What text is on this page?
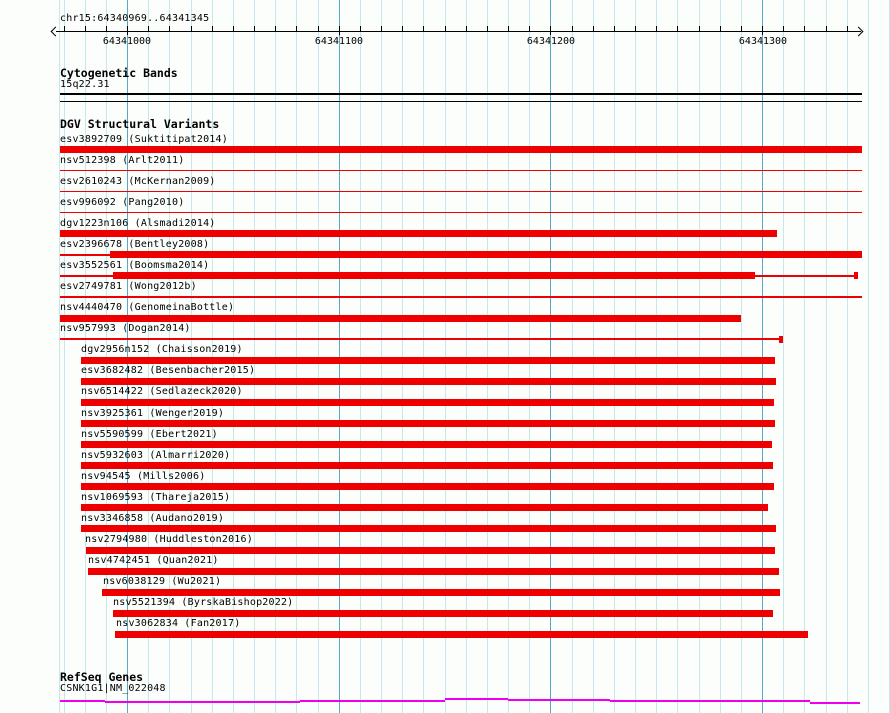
chr15:64340969..64341345
64341000	64341100	64341200	64341300
Cytogenetic Bands
15q22.31
DGV Structural Variants
esv3892709 (Suktitipat2014)
nsv512398 (Arlt2011)
esv2610243 (McKernan2009)
esv996092 (Pang2010)
dgv1223n106 (Alsmadi2014)
esv2396678 (Bentley2008)
esv3552561 (Boomsma2014)
esv2749781 (Wong2012b)
nsv4440470 (GenomeinaBottle)
nsv957993 (Dogan2014)
dgv2956n152 (Chaisson2019)
esv3682482 (Besenbacher2015)
nsv6514422 (Sedlazeck2020)
nsv3925361 (Wenger2019)
nsv5590599 (Ebert2021)
nsv5932603 (Almarri2020)
nsv94545 (Mills2006)
nsv1069593 (Thareja2015)
nsv3346858 (Audano2019)
nsv2794980 (Huddleston2016)
nsv4742451 (Quan2021)
nsv6038129 (Wu2021)
nsv5521394 (ByrskaBishop2022)
nsv3062834 (Fan2017)
RefSeq Genes
CSNK1G1|NM_022048
